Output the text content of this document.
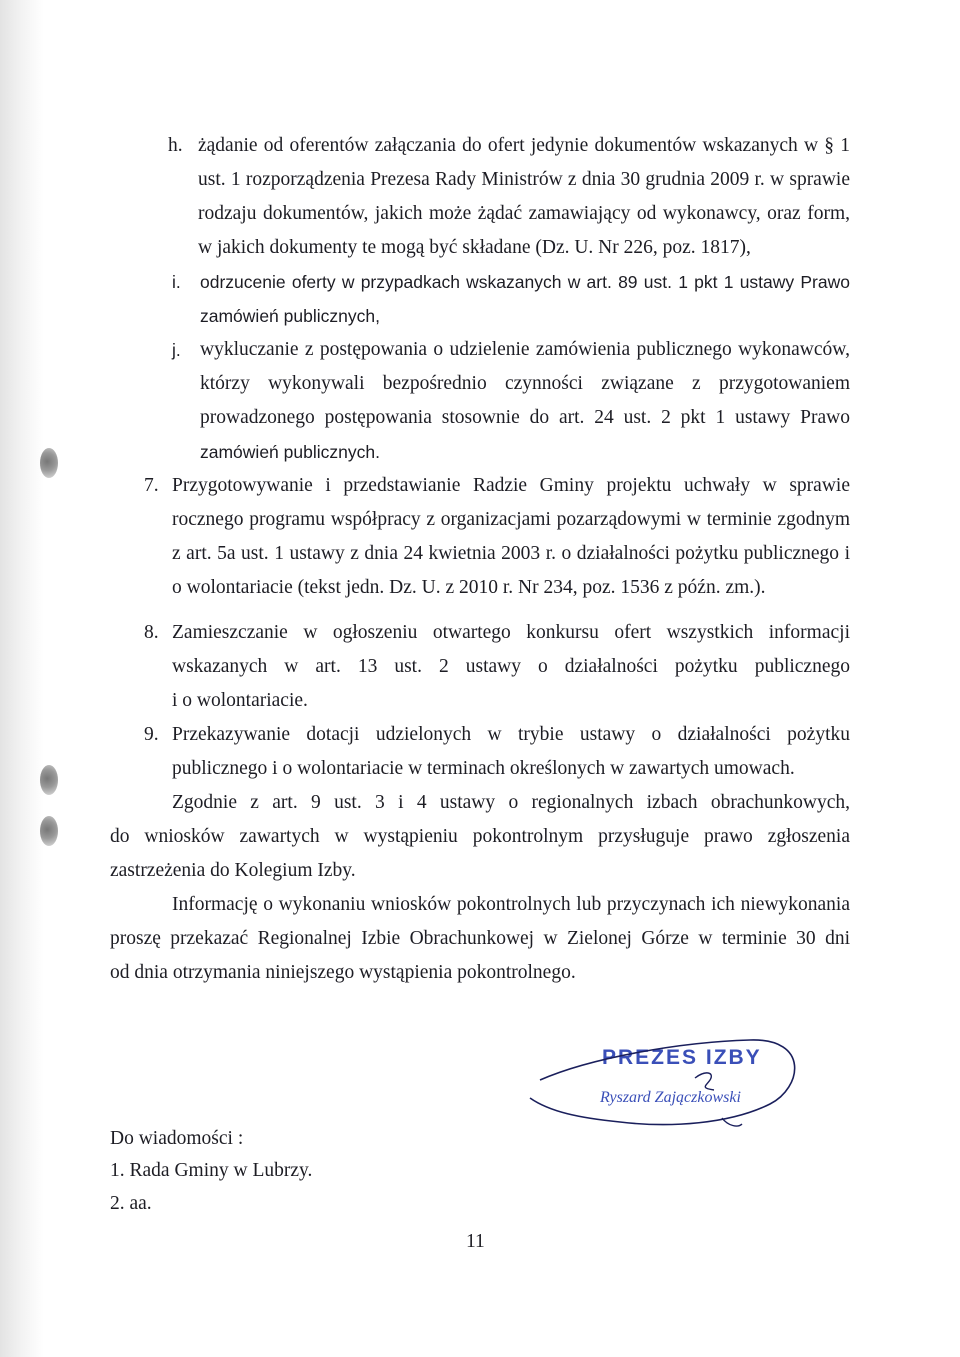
h. żądanie od oferentów załączania do ofert jedynie dokumentów wskazanych w § 1
ust. 1 rozporządzenia Prezesa Rady Ministrów z dnia 30 grudnia 2009 r. w sprawie
rodzaju dokumentów, jakich może żądać zamawiający od wykonawcy, oraz form,
w jakich dokumenty te mogą być składane (Dz. U. Nr 226, poz. 1817),
i. odrzucenie oferty w przypadkach wskazanych w art. 89 ust. 1 pkt 1 ustawy Prawo
zamówień publicznych,
j. wykluczanie z postępowania o udzielenie zamówienia publicznego wykonawców,
którzy wykonywali bezpośrednio czynności związane z przygotowaniem
prowadzonego postępowania stosownie do art. 24 ust. 2 pkt 1 ustawy Prawo
zamówień publicznych.
7. Przygotowywanie i przedstawianie Radzie Gminy projektu uchwały w sprawie
rocznego programu współpracy z organizacjami pozarządowymi w terminie zgodnym
z art. 5a ust. 1 ustawy z dnia 24 kwietnia 2003 r. o działalności pożytku publicznego i
o wolontariacie (tekst jedn. Dz. U. z 2010 r. Nr 234, poz. 1536 z późn. zm.).
8. Zamieszczanie w ogłoszeniu otwartego konkursu ofert wszystkich informacji
wskazanych w art. 13 ust. 2 ustawy o działalności pożytku publicznego
i o wolontariacie.
9. Przekazywanie dotacji udzielonych w trybie ustawy o działalności pożytku
publicznego i o wolontariacie w terminach określonych w zawartych umowach.
Zgodnie z art. 9 ust. 3 i 4 ustawy o regionalnych izbach obrachunkowych,
do wniosków zawartych w wystąpieniu pokontrolnym przysługuje prawo zgłoszenia
zastrzeżenia do Kolegium Izby.
Informację o wykonaniu wniosków pokontrolnych lub przyczynach ich niewykonania
proszę przekazać Regionalnej Izbie Obrachunkowej w Zielonej Górze w terminie 30 dni
od dnia otrzymania niniejszego wystąpienia pokontrolnego.
PREZES IZBY
Ryszard Zajączkowski
Do wiadomości :
1. Rada Gminy w Lubrzy.
2. aa.
11
